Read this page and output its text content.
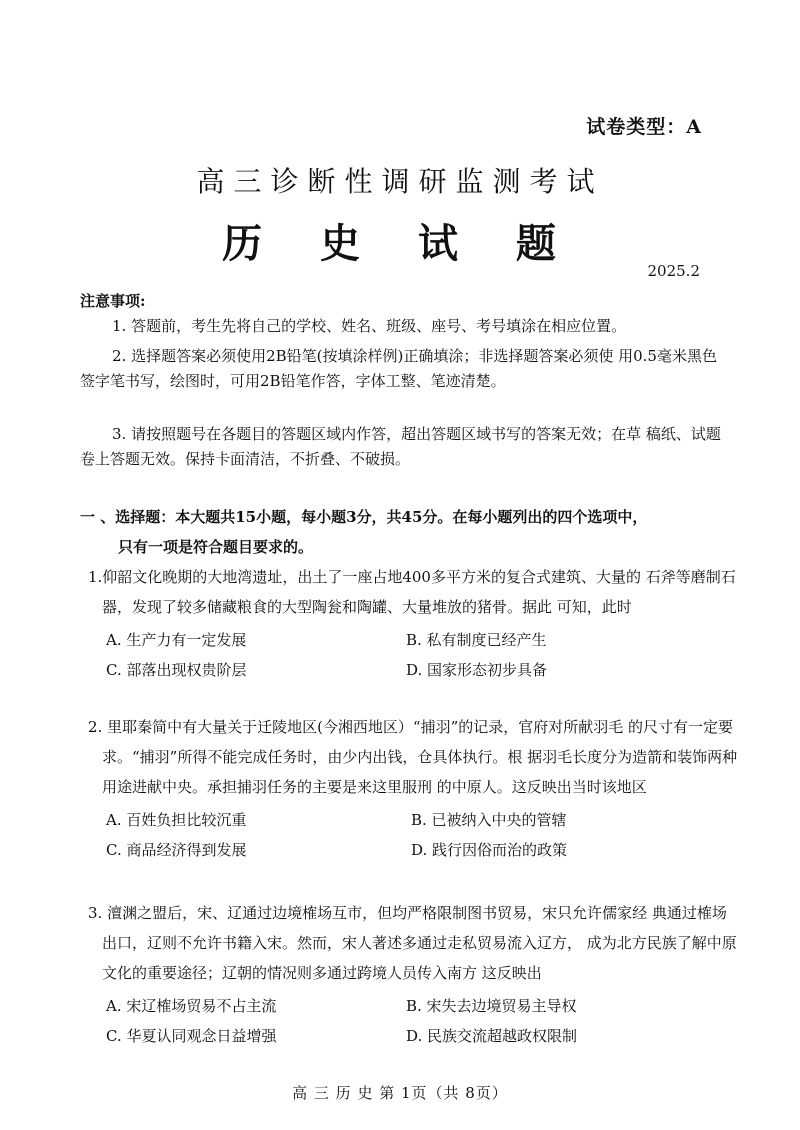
试卷类型：A
高三诊断性调研监测考试
历 史 试 题
2025.2
注意事项:
1. 答题前，考生先将自己的学校、姓名、班级、座号、考号填涂在相应位置。
2. 选择题答案必须使用2B铅笔(按填涂样例)正确填涂；非选择题答案必须使 用0.5毫米黑色签字笔书写，绘图时，可用2B铅笔作答，字体工整、笔迹清楚。
3. 请按照题号在各题目的答题区域内作答，超出答题区域书写的答案无效；在草 稿纸、试题卷上答题无效。保持卡面清洁，不折叠、不破损。
一 、选择题：本大题共15小题，每小题3分，共45分。在每小题列出的四个选项中，
只有一项是符合题目要求的。
1.仰韶文化晚期的大地湾遗址，出土了一座占地400多平方米的复合式建筑、大量的 石斧等磨制石器，发现了较多储藏粮食的大型陶瓮和陶罐、大量堆放的猪骨。据此 可知，此时
A. 生产力有一定发展	B. 私有制度已经产生
C. 部落出现权贵阶层	D. 国家形态初步具备
2. 里耶秦简中有大量关于迁陵地区(今湘西地区）“捕羽”的记录，官府对所献羽毛 的尺寸有一定要求。“捕羽”所得不能完成任务时，由少内出钱，仓具体执行。根 据羽毛长度分为造箭和装饰两种用途进献中央。承担捕羽任务的主要是来这里服刑 的中原人。这反映出当时该地区
A. 百姓负担比较沉重	B. 已被纳入中央的管辖
C. 商品经济得到发展	D. 践行因俗而治的政策
3. 澶渊之盟后，宋、辽通过边境榷场互市，但均严格限制图书贸易，宋只允许儒家经 典通过榷场出口，辽则不允许书籍入宋。然而，宋人著述多通过走私贸易流入辽方， 成为北方民族了解中原文化的重要途径；辽朝的情况则多通过跨境人员传入南方 这反映出
A. 宋辽榷场贸易不占主流	B. 宋失去边境贸易主导权
C. 华夏认同观念日益增强	D. 民族交流超越政权限制
高 三 历 史 第 1页（共 8页）
